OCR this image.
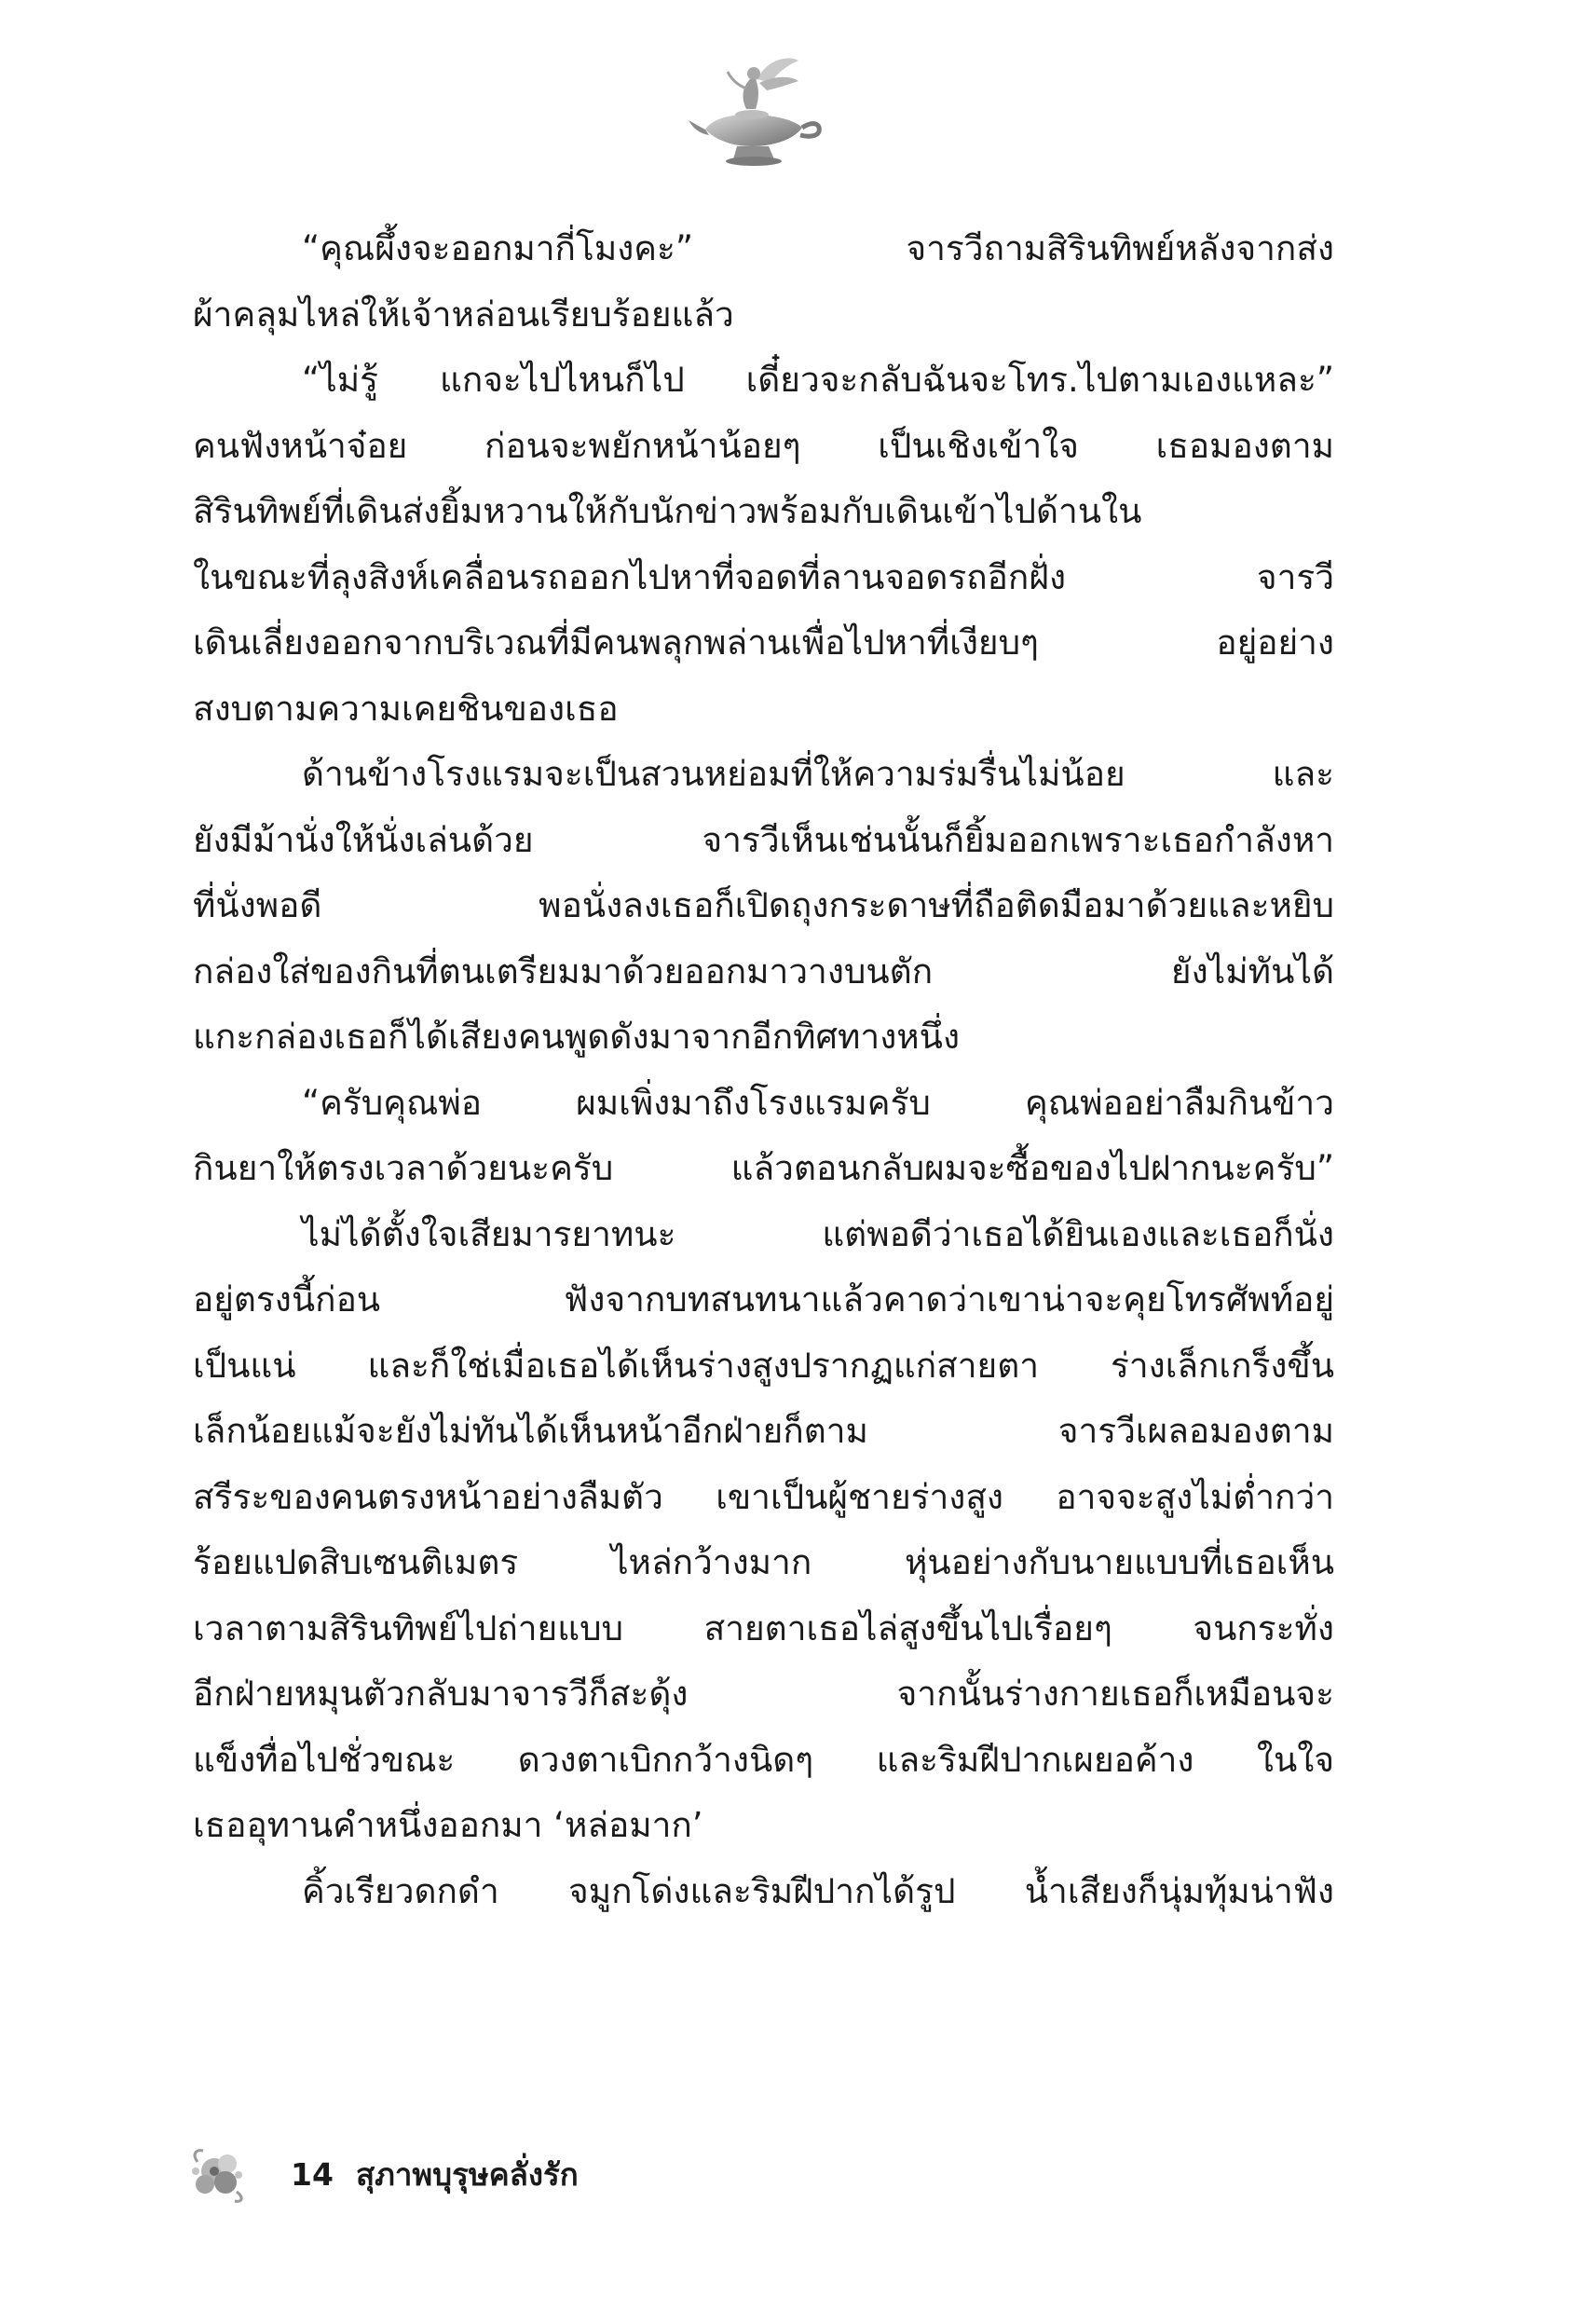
“คุณผึ้งจะออกมากี่โมงคะ” จารวีถามสิรินทิพย์หลังจากส่ง
ผ้าคลุมไหล่ให้เจ้าหล่อนเรียบร้อยแล้ว
“ไม่รู้ แกจะไปไหนก็ไป เดี๋ยวจะกลับฉันจะโทร.ไปตามเองแหละ”
คนฟังหน้าจ๋อย ก่อนจะพยักหน้าน้อยๆ เป็นเชิงเข้าใจ เธอมองตาม
สิรินทิพย์ที่เดินส่งยิ้มหวานให้กับนักข่าวพร้อมกับเดินเข้าไปด้านใน
ในขณะที่ลุงสิงห์เคลื่อนรถออกไปหาที่จอดที่ลานจอดรถอีกฝั่ง จารวี
เดินเลี่ยงออกจากบริเวณที่มีคนพลุกพล่านเพื่อไปหาที่เงียบๆ อยู่อย่าง
สงบตามความเคยชินของเธอ
ด้านข้างโรงแรมจะเป็นสวนหย่อมที่ให้ความร่มรื่นไม่น้อย และ
ยังมีม้านั่งให้นั่งเล่นด้วย จารวีเห็นเช่นนั้นก็ยิ้มออกเพราะเธอกำลังหา
ที่นั่งพอดี พอนั่งลงเธอก็เปิดถุงกระดาษที่ถือติดมือมาด้วยและหยิบ
กล่องใส่ของกินที่ตนเตรียมมาด้วยออกมาวางบนตัก ยังไม่ทันได้
แกะกล่องเธอก็ได้เสียงคนพูดดังมาจากอีกทิศทางหนึ่ง
“ครับคุณพ่อ ผมเพิ่งมาถึงโรงแรมครับ คุณพ่ออย่าลืมกินข้าว
กินยาให้ตรงเวลาด้วยนะครับ แล้วตอนกลับผมจะซื้อของไปฝากนะครับ”
ไม่ได้ตั้งใจเสียมารยาทนะ แต่พอดีว่าเธอได้ยินเองและเธอก็นั่ง
อยู่ตรงนี้ก่อน ฟังจากบทสนทนาแล้วคาดว่าเขาน่าจะคุยโทรศัพท์อยู่
เป็นแน่ และก็ใช่เมื่อเธอได้เห็นร่างสูงปรากฏแก่สายตา ร่างเล็กเกร็งขึ้น
เล็กน้อยแม้จะยังไม่ทันได้เห็นหน้าอีกฝ่ายก็ตาม จารวีเผลอมองตาม
สรีระของคนตรงหน้าอย่างลืมตัว เขาเป็นผู้ชายร่างสูง อาจจะสูงไม่ต่ำกว่า
ร้อยแปดสิบเซนติเมตร ไหล่กว้างมาก หุ่นอย่างกับนายแบบที่เธอเห็น
เวลาตามสิรินทิพย์ไปถ่ายแบบ สายตาเธอไล่สูงขึ้นไปเรื่อยๆ จนกระทั่ง
อีกฝ่ายหมุนตัวกลับมาจารวีก็สะดุ้ง จากนั้นร่างกายเธอก็เหมือนจะ
แข็งทื่อไปชั่วขณะ ดวงตาเบิกกว้างนิดๆ และริมฝีปากเผยอค้าง ในใจ
เธออุทานคำหนึ่งออกมา ‘หล่อมาก’
คิ้วเรียวดกดำ จมูกโด่งและริมฝีปากได้รูป น้ำเสียงก็นุ่มทุ้มน่าฟัง
14 สุภาพบุรุษคลั่งรัก
